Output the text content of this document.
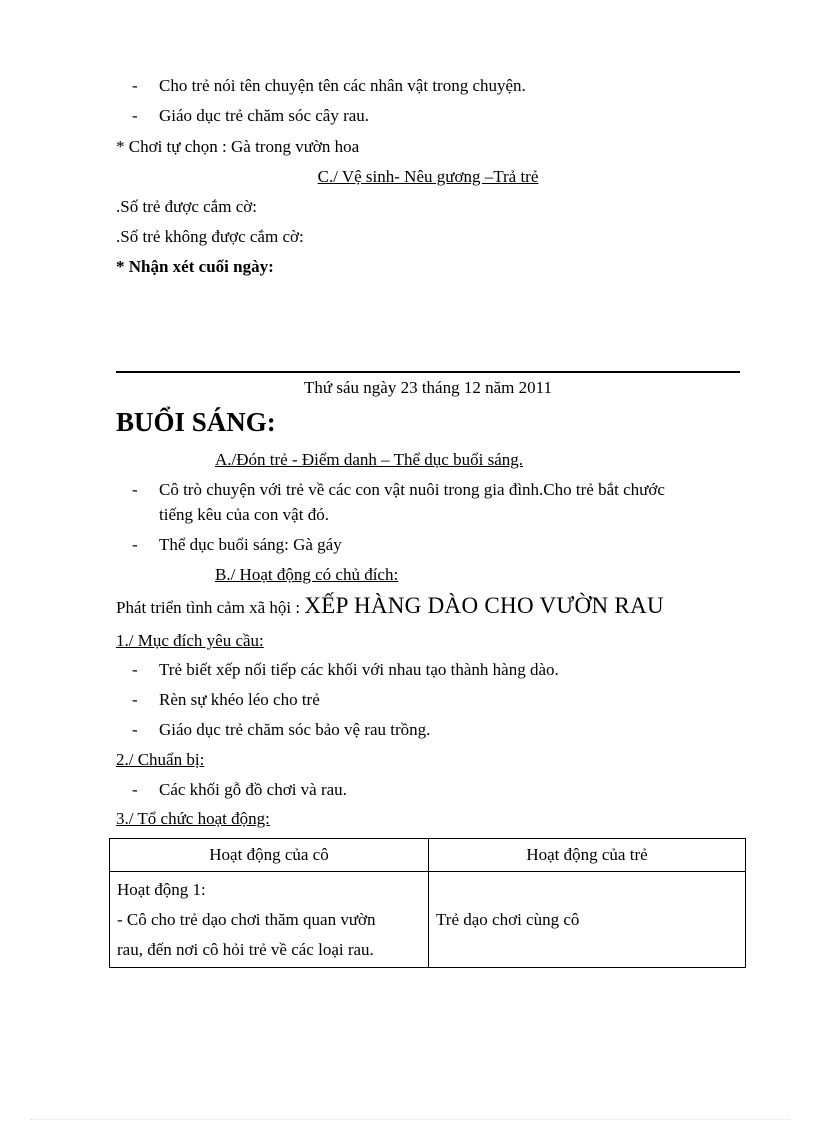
- Cho trẻ nói tên chuyện tên các nhân vật trong chuyện.
- Giáo dục trẻ chăm sóc cây rau.
* Chơi tự chọn : Gà trong vườn hoa
C./ Vệ sinh- Nêu gương –Trả trẻ
.Số trẻ được cắm cờ:
.Số trẻ không được cắm cờ:
* Nhận xét cuối ngày:
Thứ sáu ngày 23 tháng 12 năm 2011
BUỔI SÁNG:
A./Đón trẻ - Điểm danh – Thể dục buổi sáng.
- Cô trò chuyện với trẻ về các con vật nuôi trong gia đình.Cho trẻ bắt chước
tiếng kêu của con vật đó.
- Thể dục buổi sáng: Gà gáy
B./ Hoạt động có chủ đích:
Phát triển tình cảm xã hội : XẾP HÀNG DÀO CHO VƯỜN RAU
1./ Mục đích yêu cầu:
- Trẻ biết xếp nối tiếp các khối với nhau tạo thành hàng dào.
- Rèn sự khéo léo cho trẻ
- Giáo dục trẻ chăm sóc bảo vệ rau trồng.
2./ Chuẩn bị:
- Các khối gỗ đồ chơi và rau.
3./ Tổ chức hoạt động:
Hoạt động của cô	Hoạt động của trẻ

Hoạt động 1:
- Cô cho trẻ dạo chơi thăm quan vườn
rau, đến nơi cô hỏi trẻ về các loại rau.	Trẻ dạo chơi cùng cô
